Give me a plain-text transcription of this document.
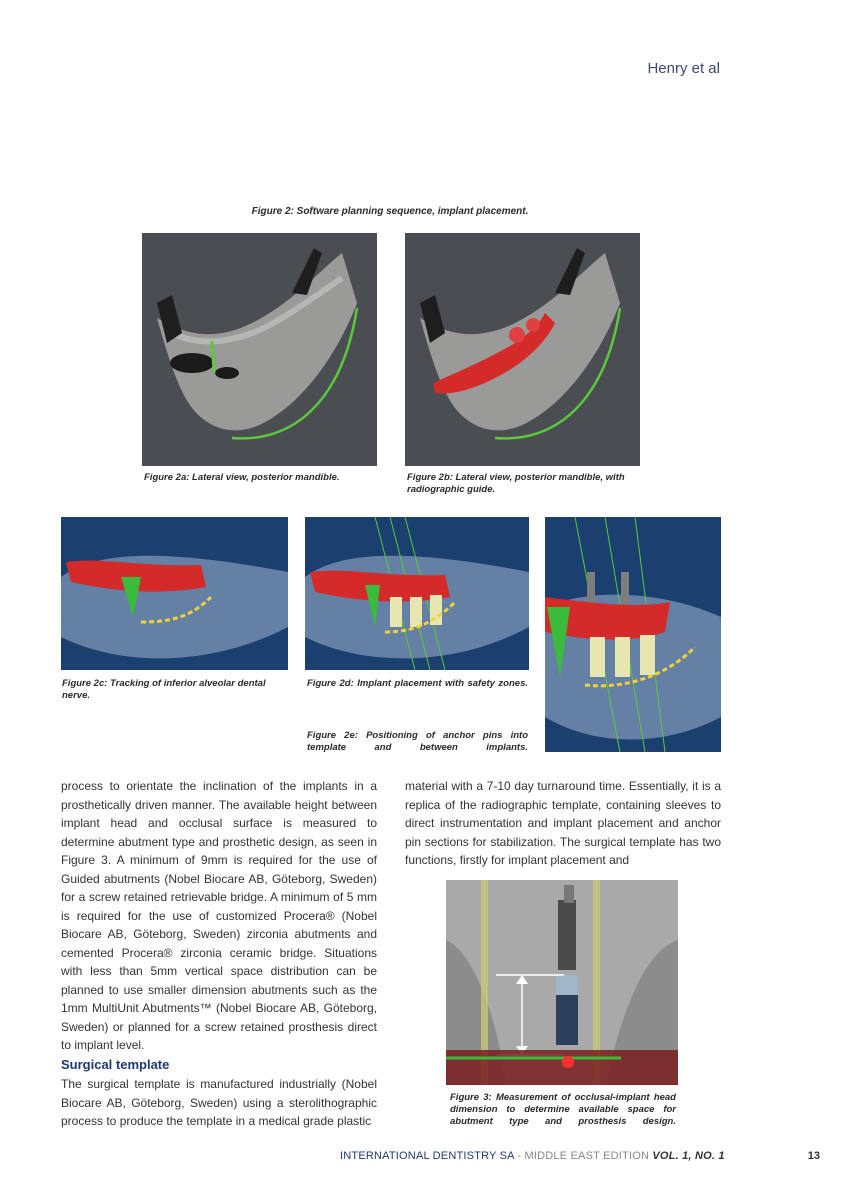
Henry et al
Figure 2: Software planning sequence, implant placement.
Figure 2a: Lateral view, posterior mandible.	Figure 2b: Lateral view, posterior mandible, with radiographic guide.
Figure 2c: Tracking of inferior alveolar dental nerve.
Figure 2d: Implant placement with safety zones.
Figure 2e: Positioning of anchor pins into template and between implants.
process to orientate the inclination of the implants in a prosthetically driven manner. The available height between implant head and occlusal surface is measured to determine abutment type and prosthetic design, as seen in Figure 3. A minimum of 9mm is required for the use of Guided abutments (Nobel Biocare AB, Göteborg, Sweden) for a screw retained retrievable bridge. A minimum of 5 mm is required for the use of customized Procera® (Nobel Biocare AB, Göteborg, Sweden) zirconia abutments and cemented Procera® zirconia ceramic bridge. Situations with less than 5mm vertical space distribution can be planned to use smaller dimension abutments such as the 1mm MultiUnit Abutments™ (Nobel Biocare AB, Göteborg, Sweden) or planned for a screw retained prosthesis direct to implant level.
Surgical template
The surgical template is manufactured industrially (Nobel Biocare AB, Göteborg, Sweden) using a sterolithographic process to produce the template in a medical grade plastic
material with a 7-10 day turnaround time. Essentially, it is a replica of the radiographic template, containing sleeves to direct instrumentation and implant placement and anchor pin sections for stabilization. The surgical template has two functions, firstly for implant placement and
Figure 3: Measurement of occlusal-implant head dimension to determine available space for abutment type and prosthesis design.
INTERNATIONAL DENTISTRY SA - MIDDLE EAST EDITION VOL. 1, NO. 1	13
